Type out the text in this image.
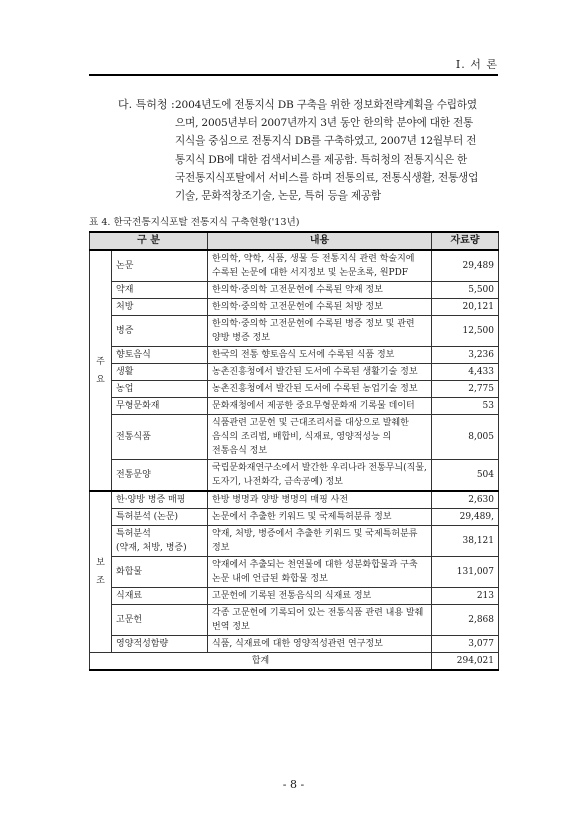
I. 서 론
다. 특허청 : 2004년도에 전통지식 DB 구축을 위한 정보화전략계획을 수립하였
으며, 2005년부터 2007년까지 3년 동안 한의학 분야에 대한 전통
지식을 중심으로 전통지식 DB를 구축하였고, 2007년 12월부터 전
통지식 DB에 대한 검색서비스를 제공함. 특허청의 전통지식은 한
국전통지식포탈에서 서비스를 하며 전통의료, 전통식생활, 전통생업
기술, 문화적창조기술, 논문, 특허 등을 제공함
표 4. 한국전통지식포탈 전통지식 구축현황('13년)
구 분		내용	자료량

주
요	논문	한의학, 약학, 식품, 생물 등 전통지식 관련 학술지에 수록된 논문에 대한 서지정보 및 논문초록, 원PDF	29,489
	약재	한의학·중의학 고전문헌에 수록된 약재 정보	5,500
	처방	한의학·중의학 고전문헌에 수록된 처방 정보	20,121
	병증	한의학·중의학 고전문헌에 수록된 병증 정보 및 관련 양방 병증 정보	12,500
	향토음식	한국의 전통 향토음식 도서에 수록된 식품 정보	3,236
	생활	농촌진흥청에서 발간된 도서에 수록된 생활기술 정보	4,433
	농업	농촌진흥청에서 발간된 도서에 수록된 농업기술 정보	2,775
	무형문화재	문화재청에서 제공한 중요무형문화재 기록물 데이터	53
	전통식품	식품관련 고문헌 및 근대조리서를 대상으로 발췌한 음식의 조리법, 배합비, 식재료, 영양적성능 의 전통음식 정보	8,005
	전통문양	국립문화재연구소에서 발간한 우리나라 전통무늬(직물, 도자기, 나전화각, 금속공예) 정보	504

보
조	한·양방 병증 매핑	한방 병명과 양방 병명의 매핑 사전	2,630
	특허분석 (논문)	논문에서 추출한 키워드 및 국제특허분류 정보	29,489,
	특허분석
(약재, 처방, 병증)	약재, 처방, 병증에서 추출한 키워드 및 국제특허분류 정보	38,121
	화합물	약재에서 추출되는 천연물에 대한 성분화합물과 구축 논문 내에 언급된 화합물 정보	131,007
	식재료	고문헌에 기록된 전통음식의 식재료 정보	213
	고문헌	각종 고문헌에 기록되어 있는 전통식품 관련 내용 발췌 번역 정보	2,868
	영양적성함량	식품, 식재료에 대한 영양적성관련 연구정보	3,077
합계			294,021
- 8 -
